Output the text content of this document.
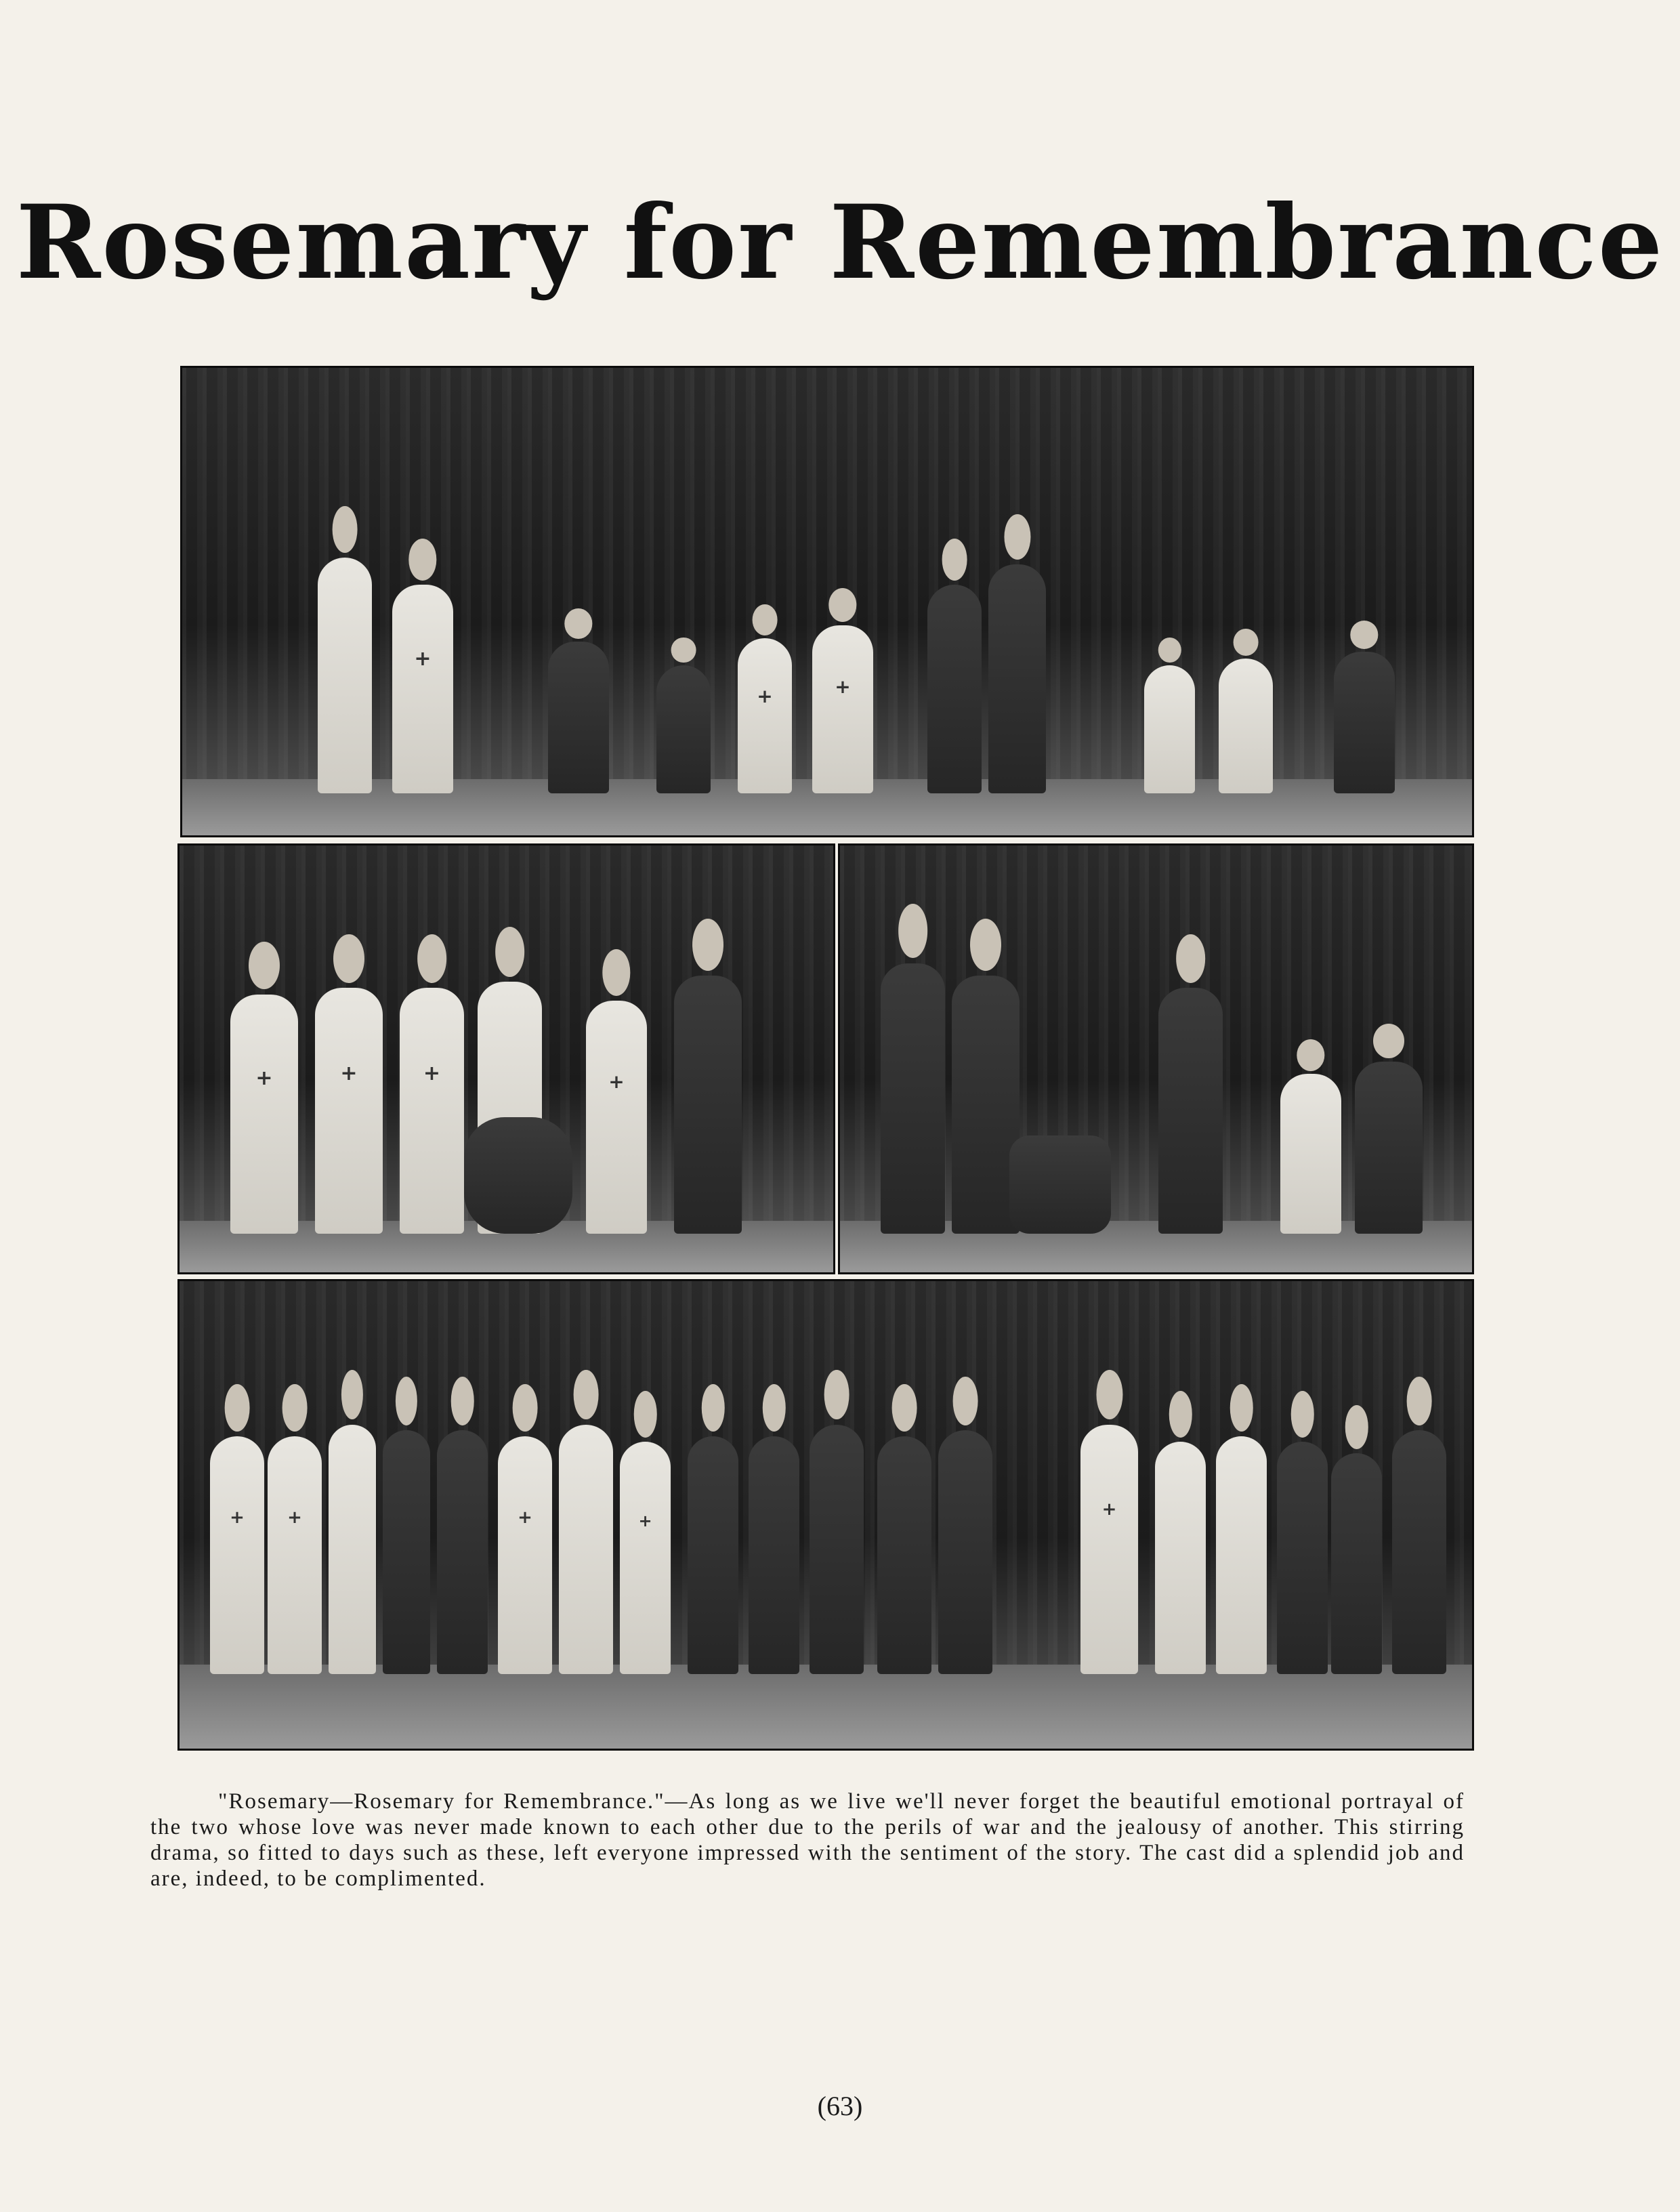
Rosemary for Remembrance
+
+	+
+	+	+	+
+ +	+	+
+

"Rosemary—Rosemary for Remembrance."—As long as we live we'll never forget the beautiful emotional portrayal of the two whose love was never made known to each other due to the perils of war and the jealousy of another. This stirring drama, so fitted to days such as these, left everyone impressed with the sentiment of the story. The cast did a splendid job and are, indeed, to be complimented.

(63)
